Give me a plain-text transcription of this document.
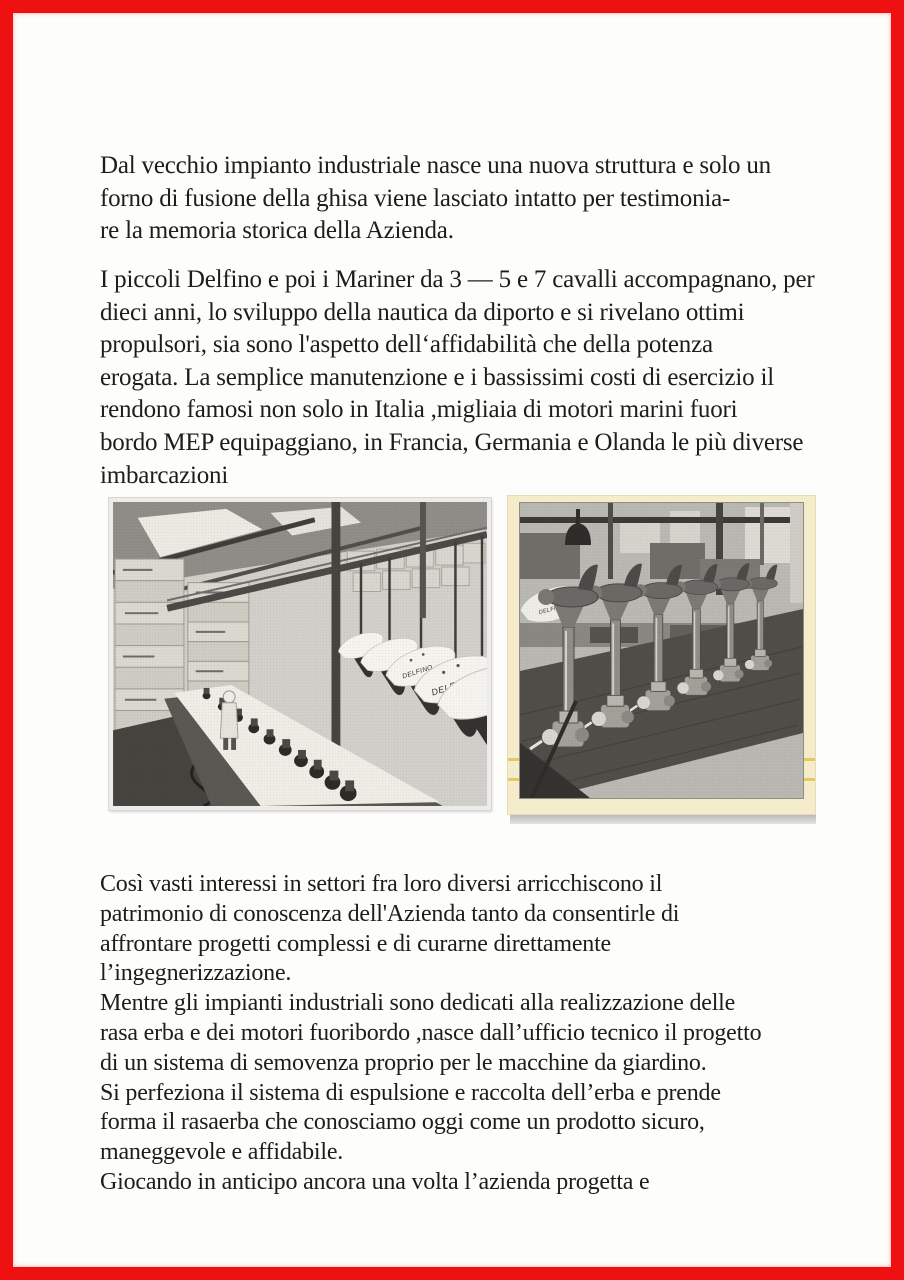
Dal vecchio impianto industriale nasce una nuova struttura e solo un
forno di fusione della ghisa viene lasciato intatto per testimonia-
re la memoria storica della Azienda.
I piccoli Delfino e poi i Mariner da 3 — 5 e 7 cavalli accompagnano, per
dieci anni, lo sviluppo della nautica da diporto e si rivelano ottimi
propulsori, sia sono l'aspetto dell‘affidabilità che della potenza
erogata. La semplice manutenzione e i bassissimi costi di esercizio il
rendono famosi non solo in Italia ,migliaia di motori marini fuori
bordo MEP equipaggiano, in Francia, Germania e Olanda le più diverse
imbarcazioni
Così vasti interessi in settori fra loro diversi arricchiscono il
patrimonio di conoscenza dell'Azienda tanto da consentirle di
affrontare progetti complessi e di curarne direttamente
l’ingegnerizzazione.
Mentre gli impianti industriali sono dedicati alla realizzazione delle
rasa erba e dei motori fuoribordo ,nasce dall’ufficio tecnico il progetto
di un sistema di semovenza proprio per le macchine da giardino.
Si perfeziona il sistema di espulsione e raccolta dell’erba e prende
forma il rasaerba che conosciamo oggi come un prodotto sicuro,
maneggevole e affidabile.
Giocando in anticipo ancora una volta l’azienda progetta e
